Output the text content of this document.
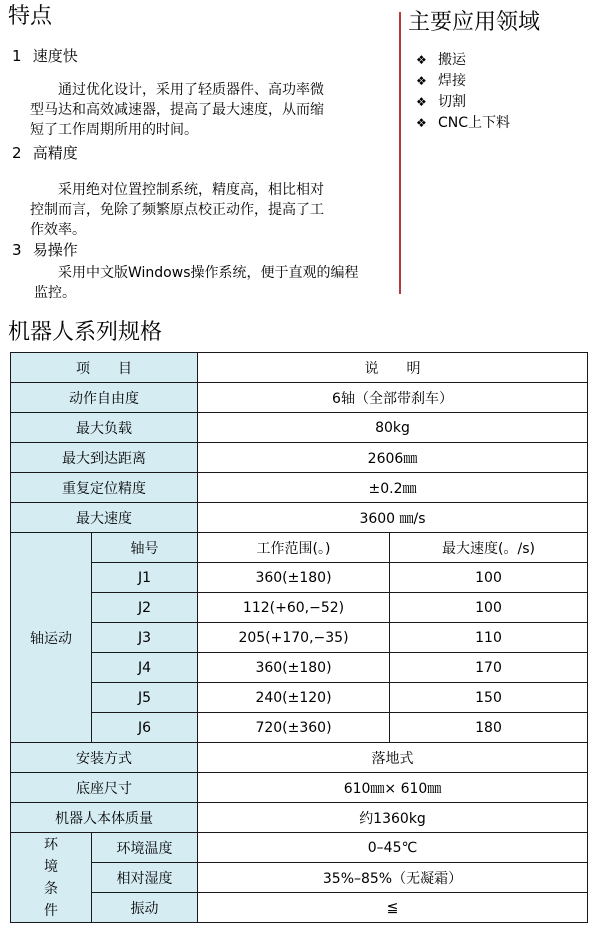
特点
1 速度快
通过优化设计，采用了轻质器件、高功率微
型马达和高效减速器，提高了最大速度，从而缩
短了工作周期所用的时间。
2 高精度
采用绝对位置控制系统，精度高，相比相对
控制而言，免除了频繁原点校正动作，提高了工
作效率。
3 易操作
采用中文版Windows操作系统，便于直观的编程
监控。
主要应用领域
❖ 搬运
❖ 焊接
❖ 切割
❖ CNC上下料
机器人系列规格
项　　目		说　　明	
动作自由度		6轴（全部带刹车）	
最大负载		80kg	
最大到达距离		2606㎜	
重复定位精度		±0.2㎜	
最大速度		3600 ㎜/s	
轴运动	轴号	工作范围(。)	最大速度(。/s)
	J1	360(±180)	100
	J2	112(+60,−52)	100
	J3	205(+170,−35)	110
	J4	360(±180)	170
	J5	240(±120)	150
	J6	720(±360)	180
安装方式		落地式	
底座尺寸		610㎜× 610㎜	
机器人本体质量		约1360kg	

环
境
条
件	环境温度	0–45℃	
	相对湿度	35%–85%（无凝霜）	
	振动	≦	
